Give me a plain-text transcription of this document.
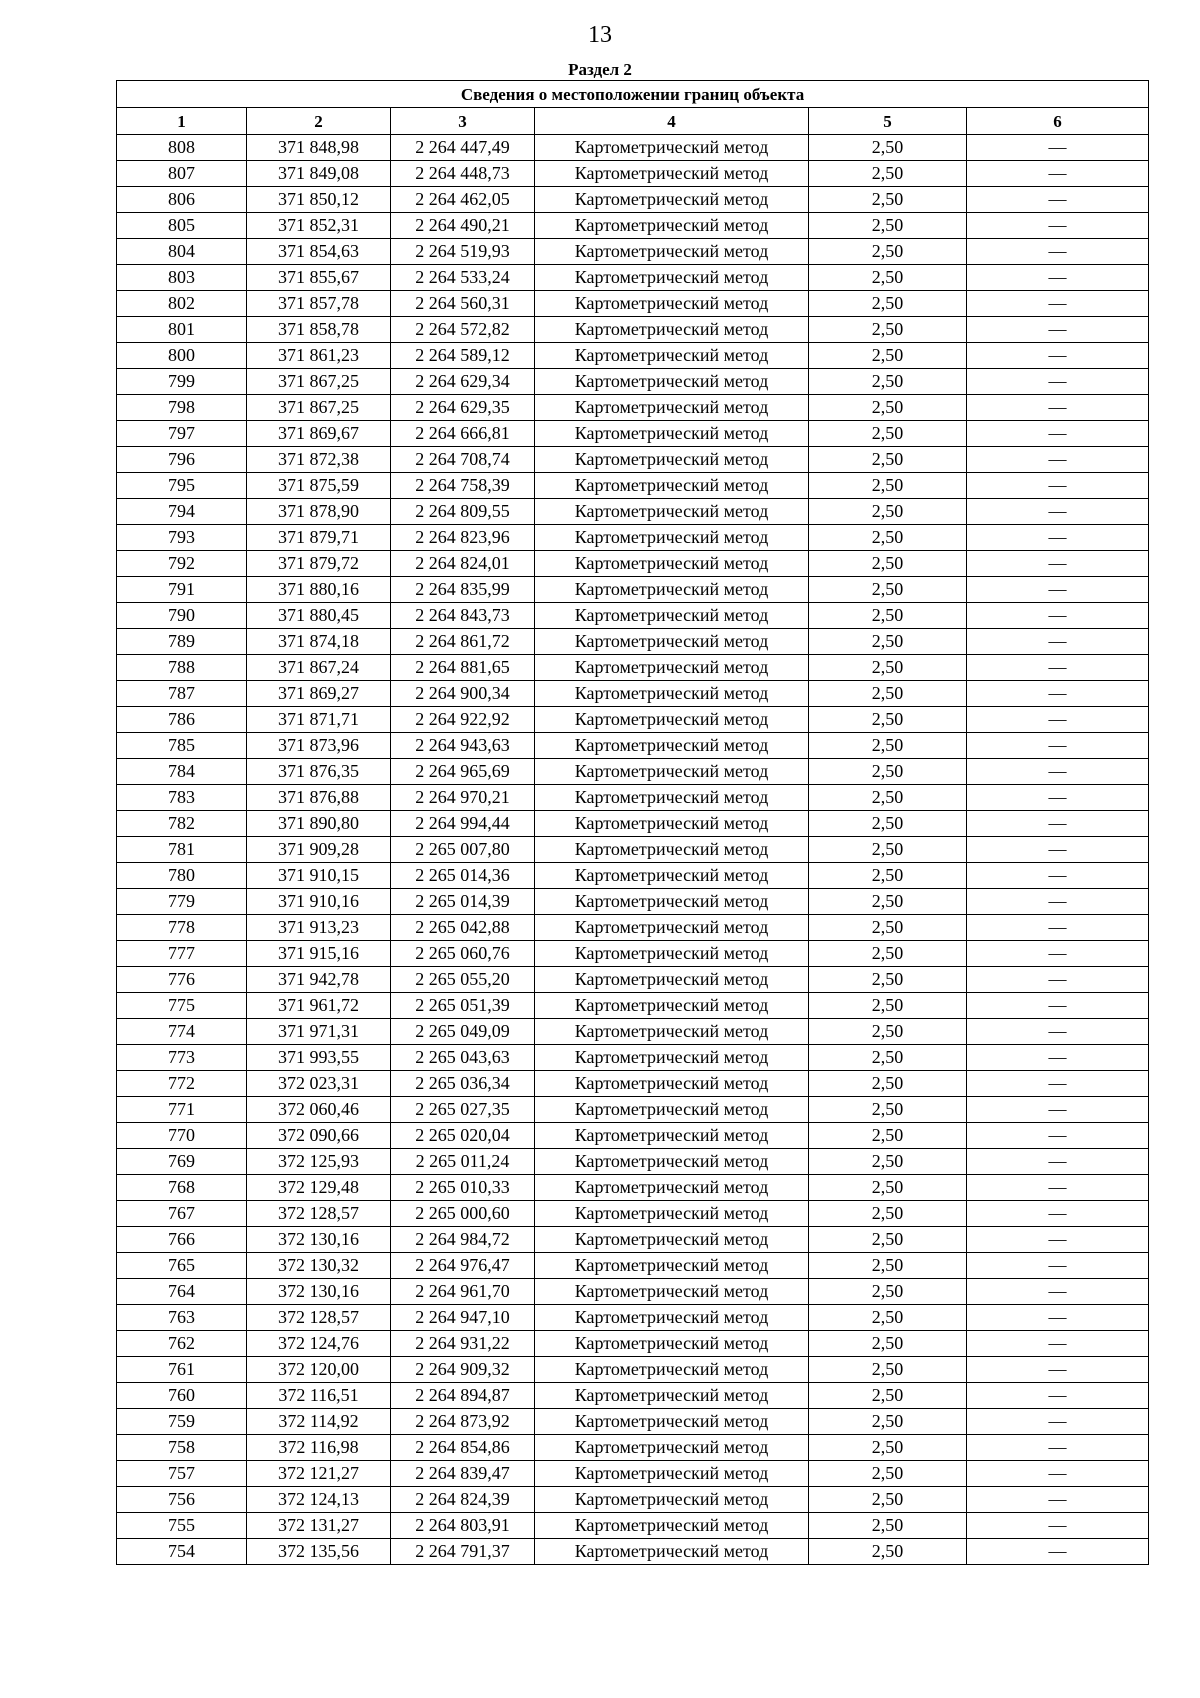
13
Раздел 2
Сведения о местоположении границ объекта					
1	2	3	4	5	6
808	371 848,98	2 264 447,49	Картометрический метод	2,50	—
807	371 849,08	2 264 448,73	Картометрический метод	2,50	—
806	371 850,12	2 264 462,05	Картометрический метод	2,50	—
805	371 852,31	2 264 490,21	Картометрический метод	2,50	—
804	371 854,63	2 264 519,93	Картометрический метод	2,50	—
803	371 855,67	2 264 533,24	Картометрический метод	2,50	—
802	371 857,78	2 264 560,31	Картометрический метод	2,50	—
801	371 858,78	2 264 572,82	Картометрический метод	2,50	—
800	371 861,23	2 264 589,12	Картометрический метод	2,50	—
799	371 867,25	2 264 629,34	Картометрический метод	2,50	—
798	371 867,25	2 264 629,35	Картометрический метод	2,50	—
797	371 869,67	2 264 666,81	Картометрический метод	2,50	—
796	371 872,38	2 264 708,74	Картометрический метод	2,50	—
795	371 875,59	2 264 758,39	Картометрический метод	2,50	—
794	371 878,90	2 264 809,55	Картометрический метод	2,50	—
793	371 879,71	2 264 823,96	Картометрический метод	2,50	—
792	371 879,72	2 264 824,01	Картометрический метод	2,50	—
791	371 880,16	2 264 835,99	Картометрический метод	2,50	—
790	371 880,45	2 264 843,73	Картометрический метод	2,50	—
789	371 874,18	2 264 861,72	Картометрический метод	2,50	—
788	371 867,24	2 264 881,65	Картометрический метод	2,50	—
787	371 869,27	2 264 900,34	Картометрический метод	2,50	—
786	371 871,71	2 264 922,92	Картометрический метод	2,50	—
785	371 873,96	2 264 943,63	Картометрический метод	2,50	—
784	371 876,35	2 264 965,69	Картометрический метод	2,50	—
783	371 876,88	2 264 970,21	Картометрический метод	2,50	—
782	371 890,80	2 264 994,44	Картометрический метод	2,50	—
781	371 909,28	2 265 007,80	Картометрический метод	2,50	—
780	371 910,15	2 265 014,36	Картометрический метод	2,50	—
779	371 910,16	2 265 014,39	Картометрический метод	2,50	—
778	371 913,23	2 265 042,88	Картометрический метод	2,50	—
777	371 915,16	2 265 060,76	Картометрический метод	2,50	—
776	371 942,78	2 265 055,20	Картометрический метод	2,50	—
775	371 961,72	2 265 051,39	Картометрический метод	2,50	—
774	371 971,31	2 265 049,09	Картометрический метод	2,50	—
773	371 993,55	2 265 043,63	Картометрический метод	2,50	—
772	372 023,31	2 265 036,34	Картометрический метод	2,50	—
771	372 060,46	2 265 027,35	Картометрический метод	2,50	—
770	372 090,66	2 265 020,04	Картометрический метод	2,50	—
769	372 125,93	2 265 011,24	Картометрический метод	2,50	—
768	372 129,48	2 265 010,33	Картометрический метод	2,50	—
767	372 128,57	2 265 000,60	Картометрический метод	2,50	—
766	372 130,16	2 264 984,72	Картометрический метод	2,50	—
765	372 130,32	2 264 976,47	Картометрический метод	2,50	—
764	372 130,16	2 264 961,70	Картометрический метод	2,50	—
763	372 128,57	2 264 947,10	Картометрический метод	2,50	—
762	372 124,76	2 264 931,22	Картометрический метод	2,50	—
761	372 120,00	2 264 909,32	Картометрический метод	2,50	—
760	372 116,51	2 264 894,87	Картометрический метод	2,50	—
759	372 114,92	2 264 873,92	Картометрический метод	2,50	—
758	372 116,98	2 264 854,86	Картометрический метод	2,50	—
757	372 121,27	2 264 839,47	Картометрический метод	2,50	—
756	372 124,13	2 264 824,39	Картометрический метод	2,50	—
755	372 131,27	2 264 803,91	Картометрический метод	2,50	—
754	372 135,56	2 264 791,37	Картометрический метод	2,50	—
